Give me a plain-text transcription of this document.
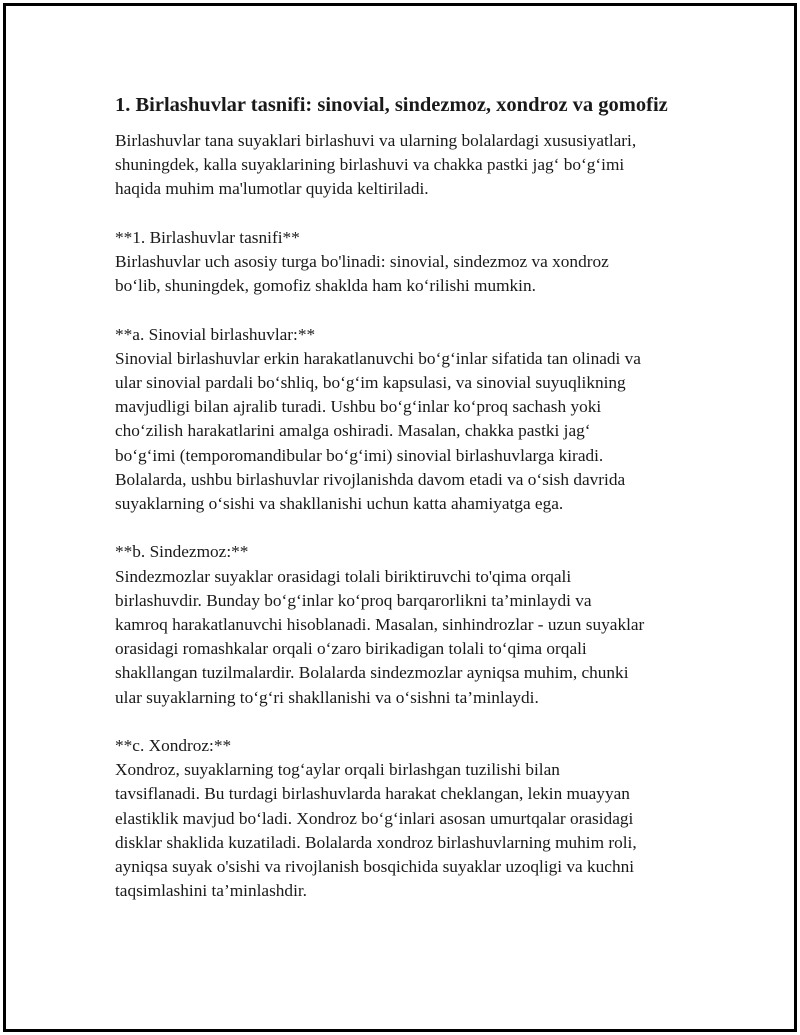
1. Birlashuvlar tasnifi: sinovial, sindezmoz, xondroz va gomofiz

Birlashuvlar tana suyaklari birlashuvi va ularning bolalardagi xususiyatlari,
shuningdek, kalla suyaklarining birlashuvi va chakka pastki jag‘ bo‘g‘imi
haqida muhim ma'lumotlar quyida keltiriladi.

**1. Birlashuvlar tasnifi**
Birlashuvlar uch asosiy turga bo'linadi: sinovial, sindezmoz va xondroz
bo‘lib, shuningdek, gomofiz shaklda ham ko‘rilishi mumkin.

**a. Sinovial birlashuvlar:**
Sinovial birlashuvlar erkin harakatlanuvchi bo‘g‘inlar sifatida tan olinadi va
ular sinovial pardali bo‘shliq, bo‘g‘im kapsulasi, va sinovial suyuqlikning
mavjudligi bilan ajralib turadi. Ushbu bo‘g‘inlar ko‘proq sachash yoki
cho‘zilish harakatlarini amalga oshiradi. Masalan, chakka pastki jag‘
bo‘g‘imi (temporomandibular bo‘g‘imi) sinovial birlashuvlarga kiradi.
Bolalarda, ushbu birlashuvlar rivojlanishda davom etadi va o‘sish davrida
suyaklarning o‘sishi va shakllanishi uchun katta ahamiyatga ega.

**b. Sindezmoz:**
Sindezmozlar suyaklar orasidagi tolali biriktiruvchi to'qima orqali
birlashuvdir. Bunday bo‘g‘inlar ko‘proq barqarorlikni ta’minlaydi va
kamroq harakatlanuvchi hisoblanadi. Masalan, sinhindrozlar - uzun suyaklar
orasidagi romashkalar orqali o‘zaro birikadigan tolali to‘qima orqali
shakllangan tuzilmalardir. Bolalarda sindezmozlar ayniqsa muhim, chunki
ular suyaklarning to‘g‘ri shakllanishi va o‘sishni ta’minlaydi.

**c. Xondroz:**
Xondroz, suyaklarning tog‘aylar orqali birlashgan tuzilishi bilan
tavsiflanadi. Bu turdagi birlashuvlarda harakat cheklangan, lekin muayyan
elastiklik mavjud bo‘ladi. Xondroz bo‘g‘inlari asosan umurtqalar orasidagi
disklar shaklida kuzatiladi. Bolalarda xondroz birlashuvlarning muhim roli,
ayniqsa suyak o'sishi va rivojlanish bosqichida suyaklar uzoqligi va kuchni
taqsimlashini ta’minlashdir.
